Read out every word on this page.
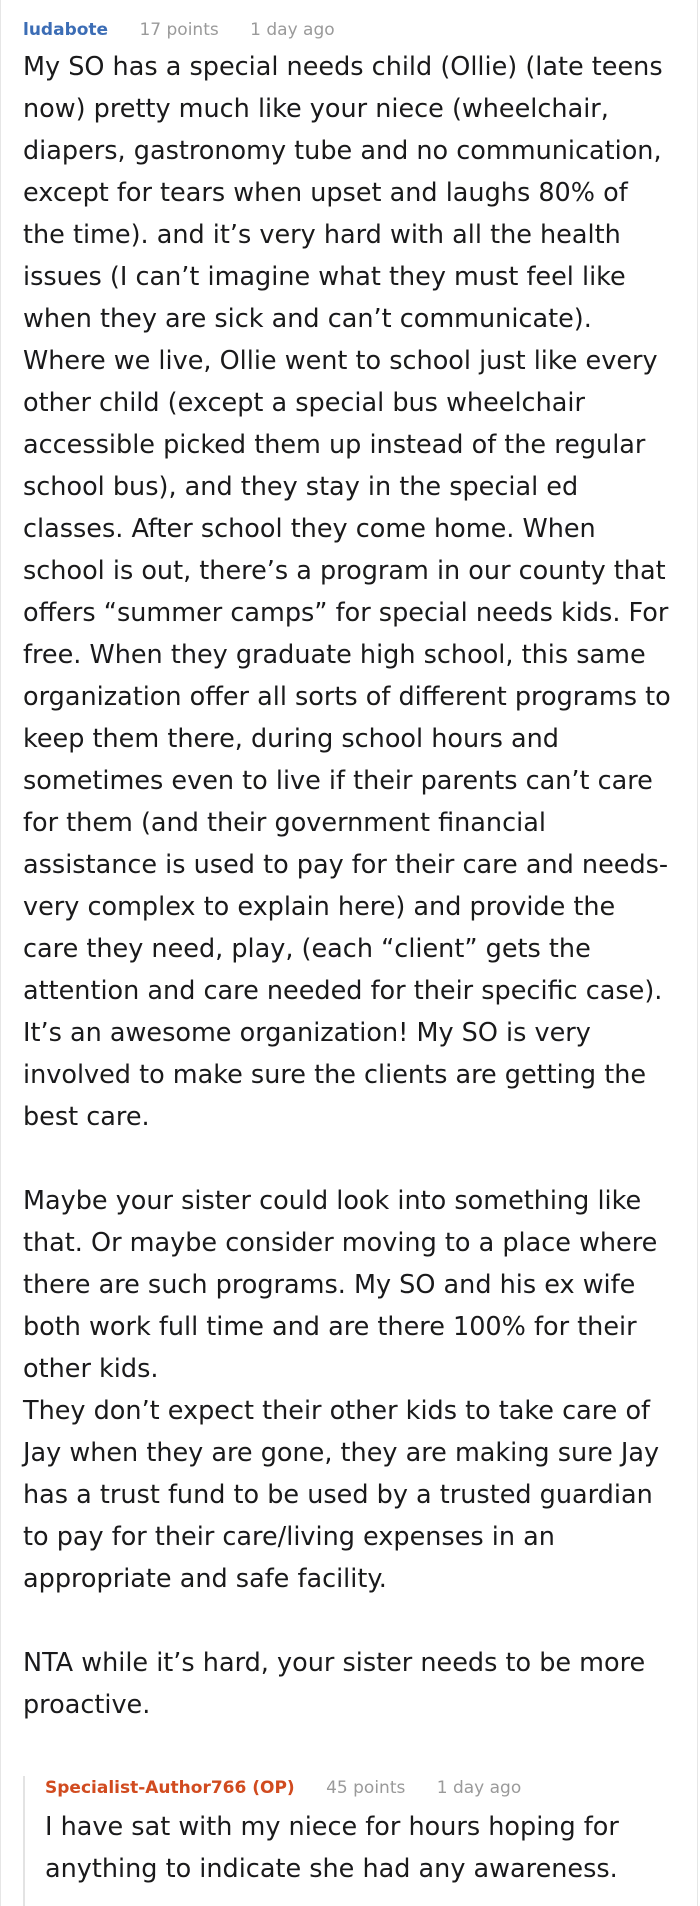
ludabote 17 points 1 day ago

My SO has a special needs child (Ollie) (late teens now) pretty much like your niece (wheelchair, diapers, gastronomy tube and no communication, except for tears when upset and laughs 80% of the time). and it’s very hard with all the health issues (I can’t imagine what they must feel like when they are sick and can’t communicate).

Where we live, Ollie went to school just like every other child (except a special bus wheelchair accessible picked them up instead of the regular school bus), and they stay in the special ed classes. After school they come home. When school is out, there’s a program in our county that offers “summer camps” for special needs kids. For free. When they graduate high school, this same organization offer all sorts of different programs to keep them there, during school hours and sometimes even to live if their parents can’t care for them (and their government financial assistance is used to pay for their care and needs- very complex to explain here) and provide the care they need, play, (each “client” gets the attention and care needed for their specific case). It’s an awesome organization! My SO is very involved to make sure the clients are getting the best care.

Maybe your sister could look into something like that. Or maybe consider moving to a place where there are such programs. My SO and his ex wife both work full time and are there 100% for their other kids.

They don’t expect their other kids to take care of Jay when they are gone, they are making sure Jay has a trust fund to be used by a trusted guardian to pay for their care/living expenses in an appropriate and safe facility.

NTA while it’s hard, your sister needs to be more proactive.

Specialist-Author766 (OP) 45 points 1 day ago

I have sat with my niece for hours hoping for anything to indicate she had any awareness.
